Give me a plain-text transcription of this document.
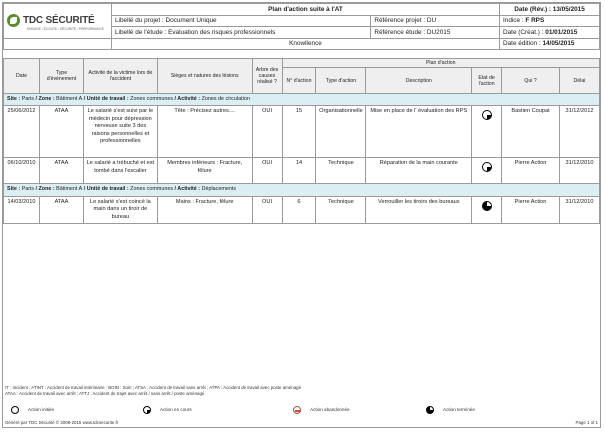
TDC SÉCURITÉ
ENGAGÉ • ÉCOUTE • SÉCURITÉ • PERFORMANCE	Plan d'action suite à l'AT		Date (Rév.) : 13/05/2015
	Libellé du projet : Document Unique	Référence projet : DU	Indice : F RPS
	Libellé de l'étude : Evaluation des risques professionnels	Référence étude : DU2015	Date (Créat.) : 01/01/2015
	Knowllence		Date édition : 14/05/2015
Date	Type d'événement	Activité de la victime lors de l'accident	Sièges et natures des lésions	Arbre des causes réalisé ?	Plan d'action					
					N° d'action	Type d'action	Description	Etat de l'action	Qui ?	Délai
Site : Paris / Zone : Bâtiment A / Unité de travail : Zones communes / Activité : Zones de circulation										
25/06/2012	ATAA	Le salarié s'est suivi par le médecin pour dépression nerveuse suite 3 des raisons personnelles et professionnelles	Tête : Précisez autres....	OUI	15	Organisationnelle	Mise en place de l' évaluation des RPS		Bastien Coupat	31/12/2012
06/10/2010	ATAA	Le salarié a trébuché et est tombé dans l'escalier	Membres inférieurs : Fracture, fêlure	OUI	14	Technique	Réparation de la main courante		Pierre Action	31/12/2010
Site : Paris / Zone : Bâtiment A / Unité de travail : Zones communes / Activité : Déplacements										
14/03/2010	ATAA	Le salarié s'est coincé la main dans un tiroir de bureau	Mains : Fracture, fêlure	OUI	6	Technique	Verrouiller les tiroirs des bureaux		Pierre Action	31/12/2010
IT : Incident ; ATINT : Accident de travail intérimaire ; BOIN : Soin ; ATSA : Accident de travail sans arrêt ; ATPA : Accident de travail avec poste aménagé
ATAA : Accident de travail avec arrêt ; ATTJ : Accident de trajet avec arrêt / sans arrêt / poste aménagé
Action initiée	Action en cours	Action abandonnée	Action terminée
Généré par TDC Sécurité © 2008-2015 www.tdcsecurite.fr	Page 1 of 1
